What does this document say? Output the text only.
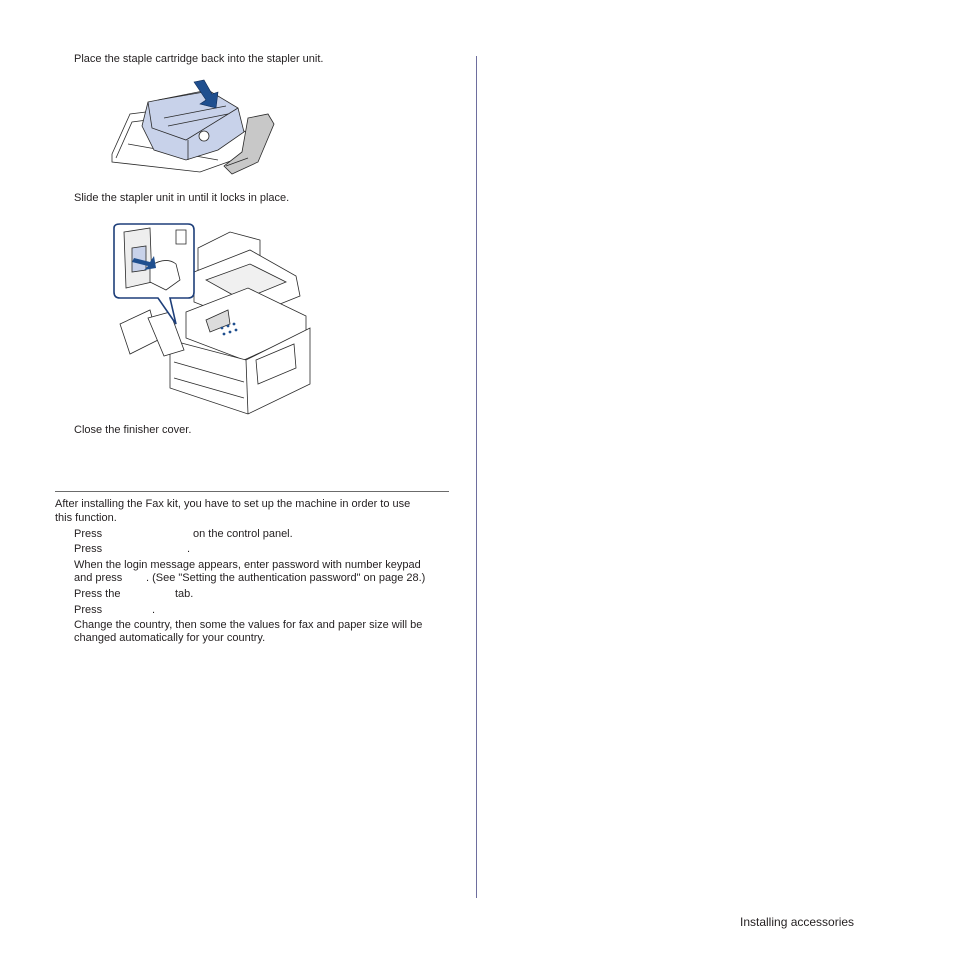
Place the staple cartridge back into the stapler unit.
Slide the stapler unit in until it locks in place.
Close the finisher cover.
After installing the Fax kit, you have to set up the machine in order to use
this function.
Press	on the control panel.
Press	.
When the login message appears, enter password with number keypad
and press . (See "Setting the authentication password" on page 28.)
Press the	tab.
Press	.
Change the country, then some the values for fax and paper size will be
changed automatically for your country.
Installing accessories
